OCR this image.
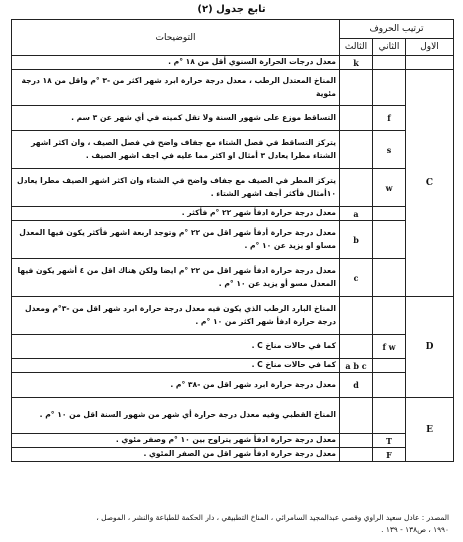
تابع جدول (٢)
ترتيب الحروف			التوضيحات
الاول	الثاني	الثالث	
		k	معدل درجات الحرارة السنوي أقل من ١٨ °م .
C			المناخ المعتدل الرطب ، معدل درجة حرارة ابرد شهر اكثر من -٣ °م واقل من ١٨ درجة مئوية
	f		التساقط موزع على شهور السنة ولا تقل كميته في أي شهر عن ٣ سم .
	s		يتركز التساقط في فصل الشتاء مع جفاف واضح في فصل الصيف ، وان اكثر اشهر الشتاء مطرا يعادل ٣ أمثال او اكثر مما عليه في اجف اشهر الصيف .
	w		يتركز المطر في الصيف مع جفاف واضح في الشتاء وان اكثر اشهر الصيف مطرا يعادل ١٠أمثال فأكثر أجف اشهر الشتاء .
		a	معدل درجة حرارة ادفأ شهر ٢٢ °م فأكثر .
		b	معدل درجة حرارة أدفأ شهر اقل من ٢٢ °م وتوجد اربعة اشهر فأكثر يكون فيها المعدل مساو او يزيد عن ١٠ °م .
		c	معدل درجة حرارة ادفأ شهر اقل من ٢٢ °م ايضا ولكن هناك اقل من ٤ أشهر يكون فيها المعدل مسو أو يزيد عن ١٠ °م .
D			المناخ البارد الرطب الذي يكون فيه معدل درجة حرارة ابرد شهر اقل من -٣°م ومعدل درجة حرارة ادفأ شهر اكثر من ١٠ °م .
	f w		كما في حالات مناخ C .
		a b c	كما في حالات مناخ C .
		d	معدل درجة حرارة ابرد شهر اقل من -٣٨ °م .
E			المناخ القطبي وفيه معدل درجة حرارة أي شهر من شهور السنة اقل من ١٠ °م .
	T		معدل درجة حرارة ادفأ شهر يتراوح بين ١٠ °م وصفر مئوي .
	F		معدل درجة حرارة ادفأ شهر اقل من الصفر المئوي .
المصدر : عادل سعيد الراوي وقصي عبدالمجيد السامرائي ، المناخ التطبيقي ، دار الحكمة للطباعة والنشر ، الموصل ،
١٩٩٠ ، ص١٣٨ - ١٣٩ .
